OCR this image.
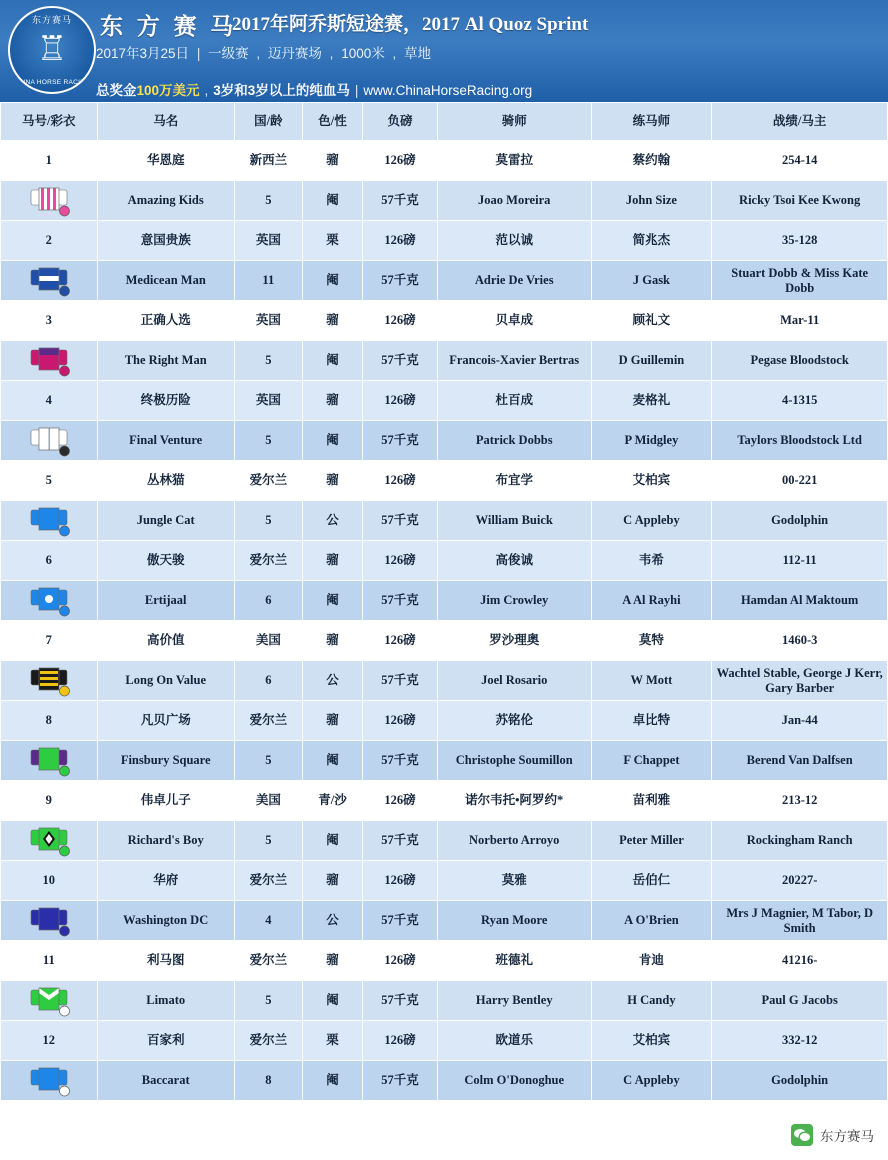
东方赛马
♖
CHINA HORSE RACING
东 方 赛 马
2017年阿乔斯短途赛，2017 Al Quoz Sprint
2017年3月25日 | 一级赛 , 迈丹赛场 , 1000米 , 草地
总奖金100万美元 , 3岁和3岁以上的纯血马 | www.ChinaHorseRacing.org
马号/彩衣	马名	国/龄	色/性	负磅	骑师	练马师	战绩/马主
1	华恩庭	新西兰	骝	126磅	莫雷拉	蔡约翰	254-14

	Amazing Kids	5	阉	57千克	Joao Moreira	John Size	Ricky Tsoi Kee Kwong
2	意国贵族	英国	栗	126磅	范以诚	简兆杰	35-128

	Medicean Man	11	阉	57千克	Adrie De Vries	J Gask	Stuart Dobb & Miss Kate Dobb
3	正确人选	英国	骝	126磅	贝卓成	顾礼文	Mar-11

	The Right Man	5	阉	57千克	Francois-Xavier Bertras	D Guillemin	Pegase Bloodstock
4	终极历险	英国	骝	126磅	杜百成	麦格礼	4-1315

	Final Venture	5	阉	57千克	Patrick Dobbs	P Midgley	Taylors Bloodstock Ltd
5	丛林猫	爱尔兰	骝	126磅	布宜学	艾柏宾	00-221

	Jungle Cat	5	公	57千克	William Buick	C Appleby	Godolphin
6	傲天骏	爱尔兰	骝	126磅	高俊诚	韦希	112-11

	Ertijaal	6	阉	57千克	Jim Crowley	A Al Rayhi	Hamdan Al Maktoum
7	高价值	美国	骝	126磅	罗沙理奥	莫特	1460-3

	Long On Value	6	公	57千克	Joel Rosario	W Mott	Wachtel Stable, George J Kerr, Gary Barber
8	凡贝广场	爱尔兰	骝	126磅	苏铭伦	卓比特	Jan-44

	Finsbury Square	5	阉	57千克	Christophe Soumillon	F Chappet	Berend Van Dalfsen
9	伟卓儿子	美国	青/沙	126磅	诺尔韦托•阿罗约*	苗利雅	213-12

	Richard's Boy	5	阉	57千克	Norberto Arroyo	Peter Miller	Rockingham Ranch
10	华府	爱尔兰	骝	126磅	莫雅	岳伯仁	20227-

	Washington DC	4	公	57千克	Ryan Moore	A O'Brien	Mrs J Magnier, M Tabor, D Smith
11	利马图	爱尔兰	骝	126磅	班德礼	肯迪	41216-

	Limato	5	阉	57千克	Harry Bentley	H Candy	Paul G Jacobs
12	百家利	爱尔兰	栗	126磅	欧道乐	艾柏宾	332-12

	Baccarat	8	阉	57千克	Colm O'Donoghue	C Appleby	Godolphin
东方赛马
